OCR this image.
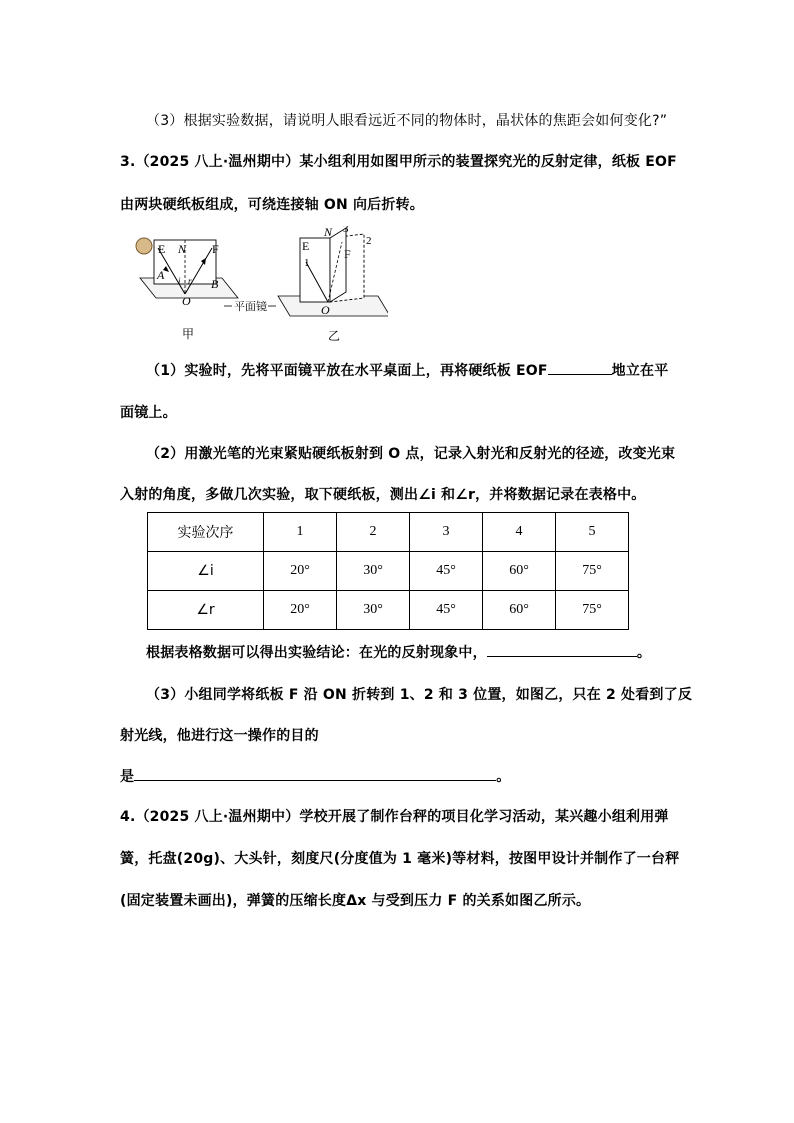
（3）根据实验数据，请说明人眼看远近不同的物体时，晶状体的焦距会如何变化?”
3.（2025 八上·温州期中）某小组利用如图甲所示的装置探究光的反射定律，纸板 EOF
由两块硬纸板组成，可绕连接轴 ON 向后折转。
E N F
A
B
i r
O	平面镜
甲
N
E
F
O
1
2
3
乙
（1）实验时，先将平面镜平放在水平桌面上，再将硬纸板 EOF	地立在平
面镜上。
（2）用激光笔的光束紧贴硬纸板射到 O 点，记录入射光和反射光的径迹，改变光束
入射的角度，多做几次实验，取下硬纸板，测出∠i 和∠r，并将数据记录在表格中。
实验次序	1	2	3	4	5
∠i	20°	30°	45°	60°	75°
∠r	20°	30°	45°	60°	75°
根据表格数据可以得出实验结论：在光的反射现象中，	。
（3）小组同学将纸板 F 沿 ON 折转到 1、2 和 3 位置，如图乙，只在 2 处看到了反
射光线，他进行这一操作的目的
是	。
4.（2025 八上·温州期中）学校开展了制作台秤的项目化学习活动，某兴趣小组利用弹
簧，托盘(20g)、大头针，刻度尺(分度值为 1 毫米)等材料，按图甲设计并制作了一台秤
(固定装置未画出)，弹簧的压缩长度Δx 与受到压力 F 的关系如图乙所示。
